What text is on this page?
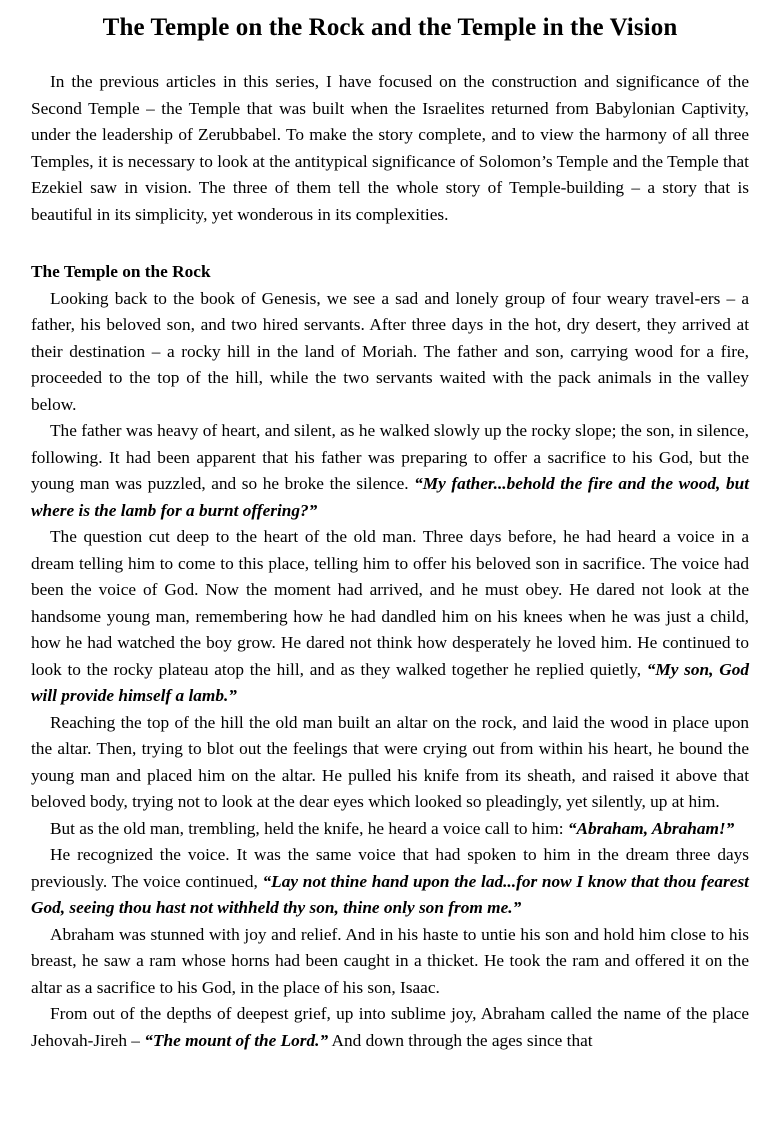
The Temple on the Rock and the Temple in the Vision

In the previous articles in this series, I have focused on the construction and significance of the Second Temple – the Temple that was built when the Israelites returned from Babylonian Captivity, under the leadership of Zerubbabel. To make the story complete, and to view the harmony of all three Temples, it is necessary to look at the antitypical significance of Solomon’s Temple and the Temple that Ezekiel saw in vision. The three of them tell the whole story of Temple-building – a story that is beautiful in its simplicity, yet wonderous in its complexities.

The Temple on the Rock

Looking back to the book of Genesis, we see a sad and lonely group of four weary travel-ers – a father, his beloved son, and two hired servants. After three days in the hot, dry desert, they arrived at their destination – a rocky hill in the land of Moriah. The father and son, carrying wood for a fire, proceeded to the top of the hill, while the two servants waited with the pack animals in the valley below.

The father was heavy of heart, and silent, as he walked slowly up the rocky slope; the son, in silence, following. It had been apparent that his father was preparing to offer a sacrifice to his God, but the young man was puzzled, and so he broke the silence. “My father...behold the fire and the wood, but where is the lamb for a burnt offering?”

The question cut deep to the heart of the old man. Three days before, he had heard a voice in a dream telling him to come to this place, telling him to offer his beloved son in sacrifice. The voice had been the voice of God. Now the moment had arrived, and he must obey. He dared not look at the handsome young man, remembering how he had dandled him on his knees when he was just a child, how he had watched the boy grow. He dared not think how desperately he loved him. He continued to look to the rocky plateau atop the hill, and as they walked together he replied quietly, “My son, God will provide himself a lamb.”

Reaching the top of the hill the old man built an altar on the rock, and laid the wood in place upon the altar. Then, trying to blot out the feelings that were crying out from within his heart, he bound the young man and placed him on the altar. He pulled his knife from its sheath, and raised it above that beloved body, trying not to look at the dear eyes which looked so pleadingly, yet silently, up at him.

But as the old man, trembling, held the knife, he heard a voice call to him: “Abraham, Abraham!”

He recognized the voice. It was the same voice that had spoken to him in the dream three days previously. The voice continued, “Lay not thine hand upon the lad...for now I know that thou fearest God, seeing thou hast not withheld thy son, thine only son from me.”

Abraham was stunned with joy and relief. And in his haste to untie his son and hold him close to his breast, he saw a ram whose horns had been caught in a thicket. He took the ram and offered it on the altar as a sacrifice to his God, in the place of his son, Isaac.

From out of the depths of deepest grief, up into sublime joy, Abraham called the name of the place Jehovah-Jireh – “The mount of the Lord.” And down through the ages since that
